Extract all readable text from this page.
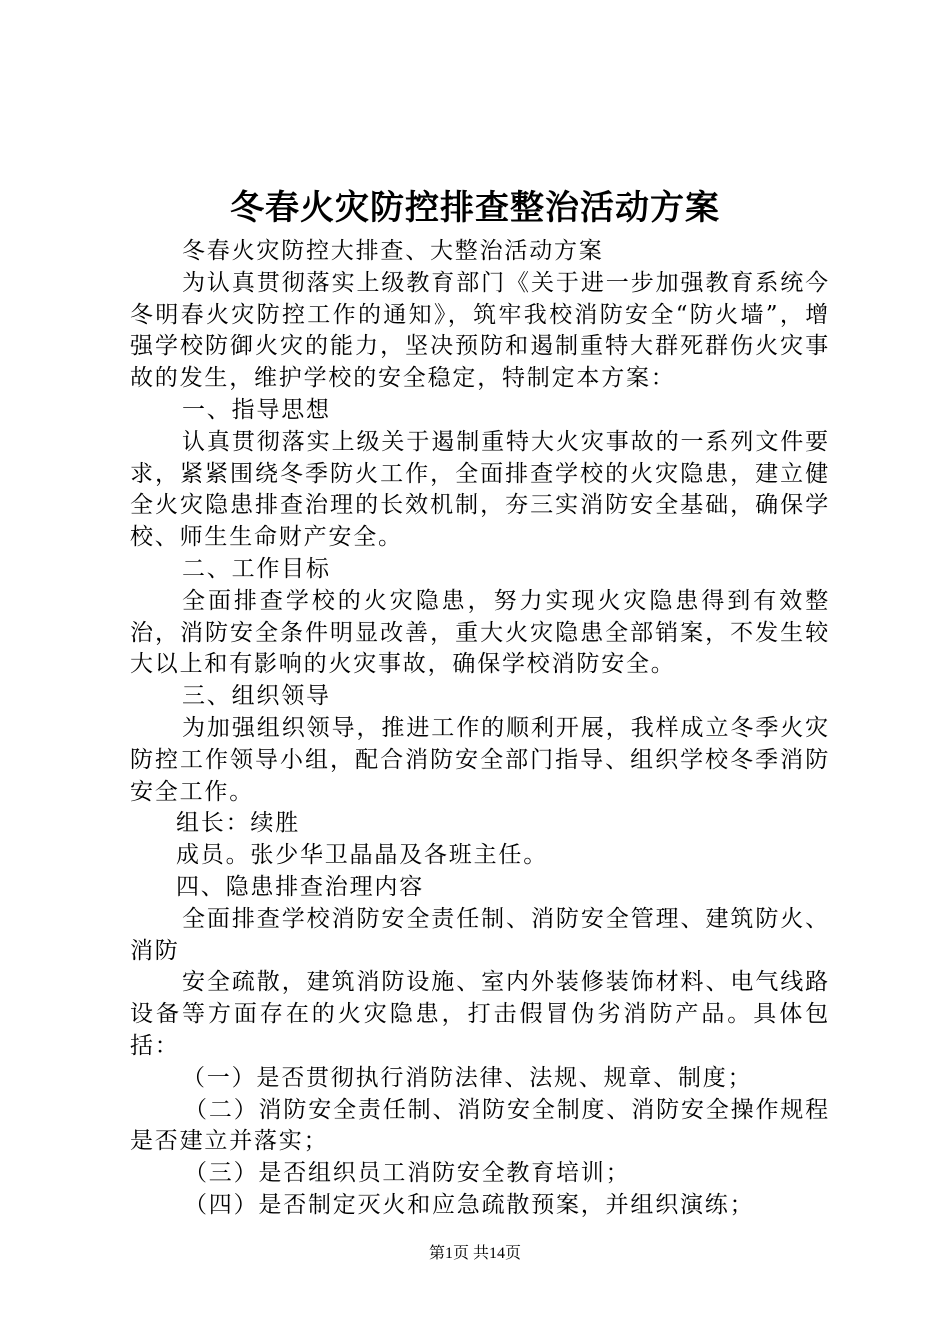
冬春火灾防控排查整治活动方案

冬春火灾防控大排查、大整治活动方案

为认真贯彻落实上级教育部门《关于进一步加强教育系统今冬明春火灾防控工作的通知》，筑牢我校消防安全“防火墙”，增强学校防御火灾的能力，坚决预防和遏制重特大群死群伤火灾事故的发生，维护学校的安全稳定，特制定本方案：

一、指导思想

认真贯彻落实上级关于遏制重特大火灾事故的一系列文件要求，紧紧围绕冬季防火工作，全面排查学校的火灾隐患，建立健全火灾隐患排查治理的长效机制，夯三实消防安全基础，确保学校、师生生命财产安全。

二、工作目标

全面排查学校的火灾隐患，努力实现火灾隐患得到有效整治，消防安全条件明显改善，重大火灾隐患全部销案，不发生较大以上和有影响的火灾事故，确保学校消防安全。

三、组织领导

为加强组织领导，推进工作的顺利开展，我样成立冬季火灾防控工作领导小组，配合消防安全部门指导、组织学校冬季消防安全工作。

组长：续胜

成员。张少华卫晶晶及各班主任。

四、隐患排查治理内容

全面排查学校消防安全责任制、消防安全管理、建筑防火、消防

安全疏散，建筑消防设施、室内外装修装饰材料、电气线路设备等方面存在的火灾隐患，打击假冒伪劣消防产品。具体包括：

（一）是否贯彻执行消防法律、法规、规章、制度；

（二）消防安全责任制、消防安全制度、消防安全操作规程是否建立并落实；

（三）是否组织员工消防安全教育培训；

（四）是否制定灭火和应急疏散预案，并组织演练；

第1页 共14页
